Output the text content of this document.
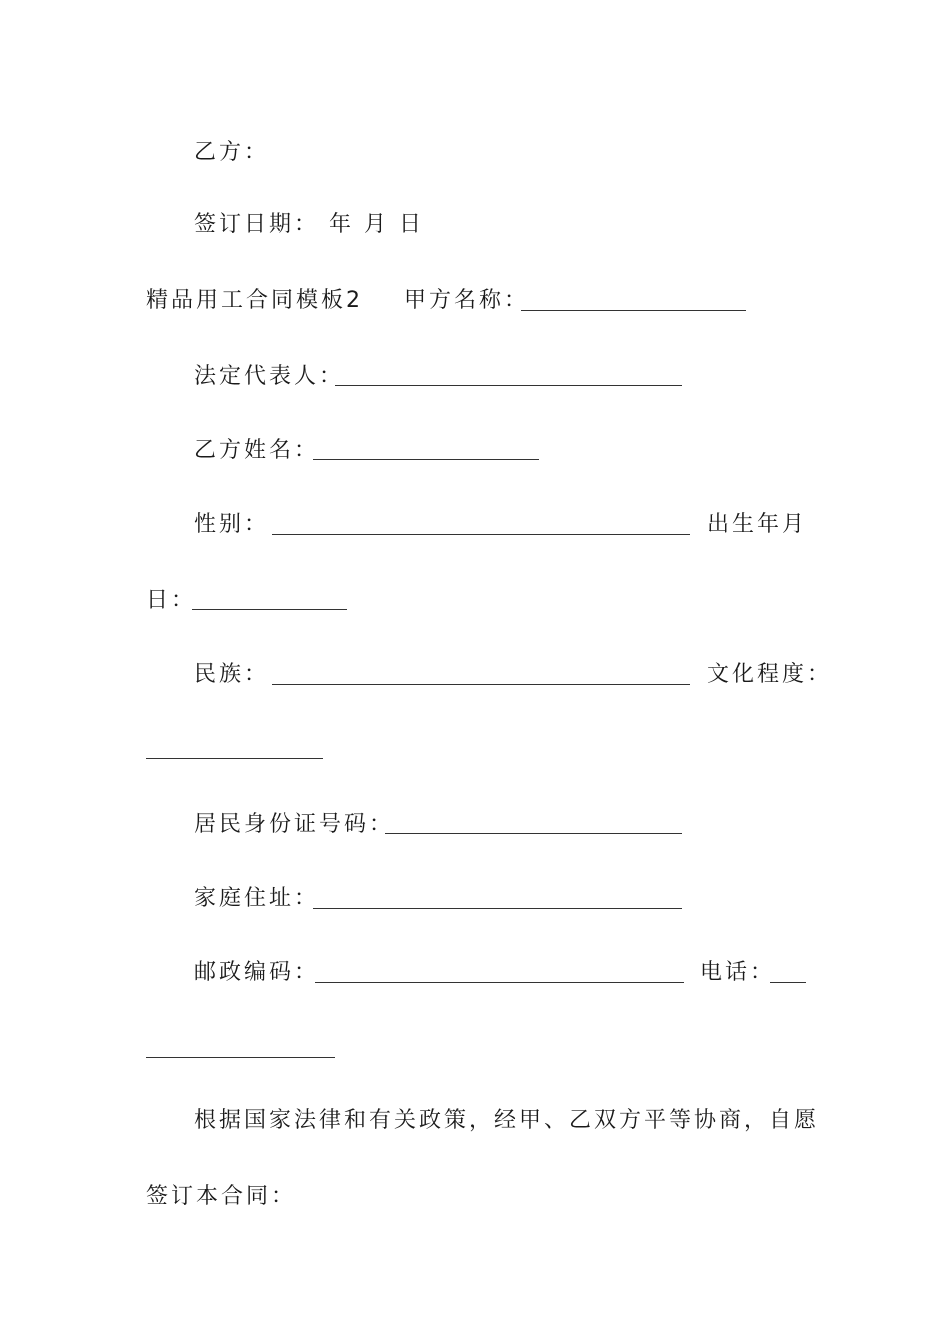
乙方：
签订日期： 年 月 日
精品用工合同模板2 甲方名称：
法定代表人：
乙方姓名：
性别：	出生年月
日：
民族：	文化程度：
居民身份证号码：
家庭住址：
邮政编码：	电话：
根据国家法律和有关政策，经甲、乙双方平等协商，自愿
签订本合同：
